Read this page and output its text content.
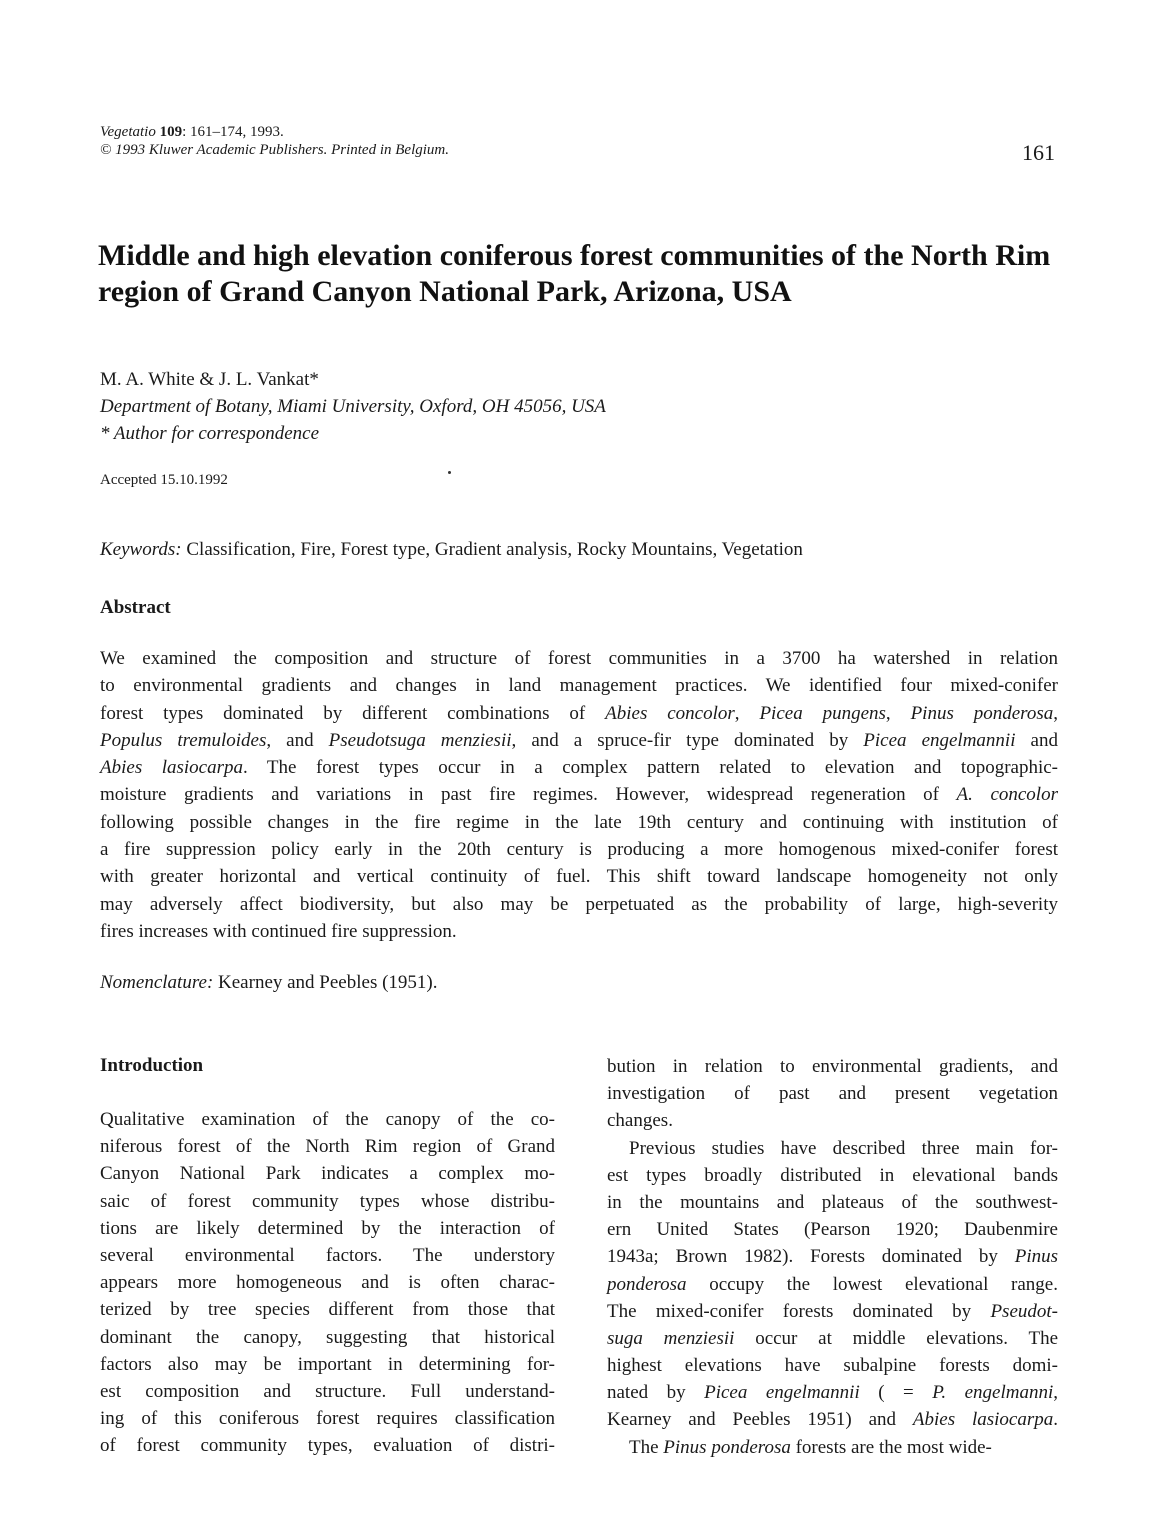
Vegetatio 109: 161–174, 1993.
© 1993 Kluwer Academic Publishers. Printed in Belgium.	161
Middle and high elevation coniferous forest communities of the North Rim region of Grand Canyon National Park, Arizona, USA
M. A. White & J. L. Vankat*
Department of Botany, Miami University, Oxford, OH 45056, USA
* Author for correspondence
Accepted 15.10.1992
Keywords: Classification, Fire, Forest type, Gradient analysis, Rocky Mountains, Vegetation
Abstract
We examined the composition and structure of forest communities in a 3700 ha watershed in relation
to environmental gradients and changes in land management practices. We identified four mixed-conifer
forest types dominated by different combinations of Abies concolor, Picea pungens, Pinus ponderosa,
Populus tremuloides, and Pseudotsuga menziesii, and a spruce-fir type dominated by Picea engelmannii and
Abies lasiocarpa. The forest types occur in a complex pattern related to elevation and topographic-
moisture gradients and variations in past fire regimes. However, widespread regeneration of A. concolor
following possible changes in the fire regime in the late 19th century and continuing with institution of
a fire suppression policy early in the 20th century is producing a more homogenous mixed-conifer forest
with greater horizontal and vertical continuity of fuel. This shift toward landscape homogeneity not only
may adversely affect biodiversity, but also may be perpetuated as the probability of large, high-severity
fires increases with continued fire suppression.
Nomenclature: Kearney and Peebles (1951).
Introduction
Qualitative examination of the canopy of the co-
niferous forest of the North Rim region of Grand
Canyon National Park indicates a complex mo-
saic of forest community types whose distribu-
tions are likely determined by the interaction of
several environmental factors. The understory
appears more homogeneous and is often charac-
terized by tree species different from those that
dominant the canopy, suggesting that historical
factors also may be important in determining for-
est composition and structure. Full understand-
ing of this coniferous forest requires classification
of forest community types, evaluation of distri-
bution in relation to environmental gradients, and
investigation of past and present vegetation
changes.
Previous studies have described three main for-
est types broadly distributed in elevational bands
in the mountains and plateaus of the southwest-
ern United States (Pearson 1920; Daubenmire
1943a; Brown 1982). Forests dominated by Pinus
ponderosa occupy the lowest elevational range.
The mixed-conifer forests dominated by Pseudot-
suga menziesii occur at middle elevations. The
highest elevations have subalpine forests domi-
nated by Picea engelmannii ( = P. engelmanni,
Kearney and Peebles 1951) and Abies lasiocarpa.
The Pinus ponderosa forests are the most wide-
